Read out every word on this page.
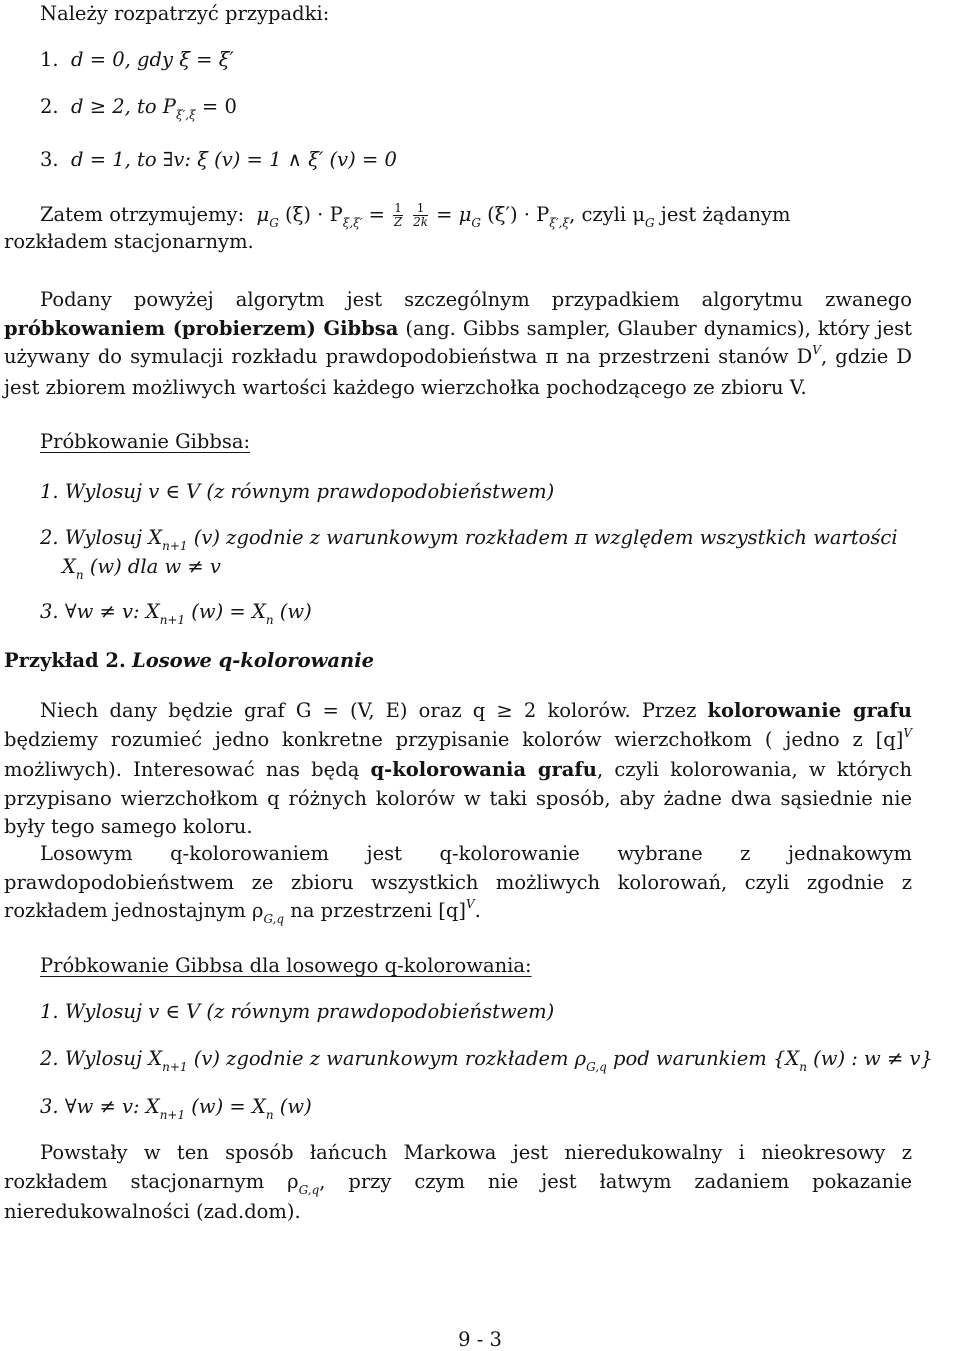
Należy rozpatrzyć przypadki:
1. d = 0, gdy ξ = ξ′
2. d ≥ 2, to $P_{\xi',\xi} = 0$
3. d = 1, to ∃v: ξ (v) = 1 ∧ ξ′ (v) = 0
Zatem otrzymujemy: $\mu_G$ $(\xi) \cdot P_{\xi,\xi'} = \frac{1}{Z}$
$\frac{1}{2k} = \mu_G$ $(\xi') \cdot P_{\xi',\xi}$, czyli $\mu_G$ jest żądanym
rozkładem stacjonarnym.
Podany powyżej algorytm jest szczególnym przypadkiem algorytmu zwanego próbkowaniem (probierzem) Gibbsa (ang. Gibbs sampler, Glauber dynamics), który jest używany do symulacji rozkładu prawdopodobieństwa π na przestrzeni stanów $D^V$, gdzie D jest zbiorem możliwych wartości każdego wierzchołka pochodzącego ze zbioru V.
Próbkowanie Gibbsa:
1. Wylosuj v ∈ V (z równym prawdopodobieństwem)
2. Wylosuj $X_{n+1}$ (v) zgodnie z warunkowym rozkładem π względem wszystkich wartości
$X_n$ (w) dla w ≠ v
3. ∀w ≠ v: $X_{n+1}$ $(w) = X_n$ (w)
Przykład 2. Losowe q-kolorowanie
Niech dany będzie graf G = (V, E) oraz q ≥ 2 kolorów. Przez kolorowanie grafu będziemy rozumieć jedno konkretne przypisanie kolorów wierzchołkom ( jedno z $[q]^V$ możliwych). Interesować nas będą q-kolorowania grafu, czyli kolorowania, w których przypisano wierzchołkom q różnych kolorów w taki sposób, aby żadne dwa sąsiednie nie były tego samego koloru.
Losowym q-kolorowaniem jest q-kolorowanie wybrane z jednakowym prawdopodobieństwem ze zbioru wszystkich możliwych kolorowań, czyli zgodnie z rozkładem jednostajnym $\rho_{G,q}$ na przestrzeni $[q]^V$.
Próbkowanie Gibbsa dla losowego q-kolorowania:
1. Wylosuj v ∈ V (z równym prawdopodobieństwem)
2. Wylosuj $X_{n+1}$ (v) zgodnie z warunkowym rozkładem $\rho_{G,q}$ pod warunkiem {$X_n$ (w) : w ≠ v}
3. ∀w ≠ v: $X_{n+1}$ $(w) = X_n$ (w)
Powstały w ten sposób łańcuch Markowa jest nieredukowalny i nieokresowy z rozkładem stacjonarnym $\rho_{G,q}$, przy czym nie jest łatwym zadaniem pokazanie nieredukowalności (zad.dom).
9 - 3
